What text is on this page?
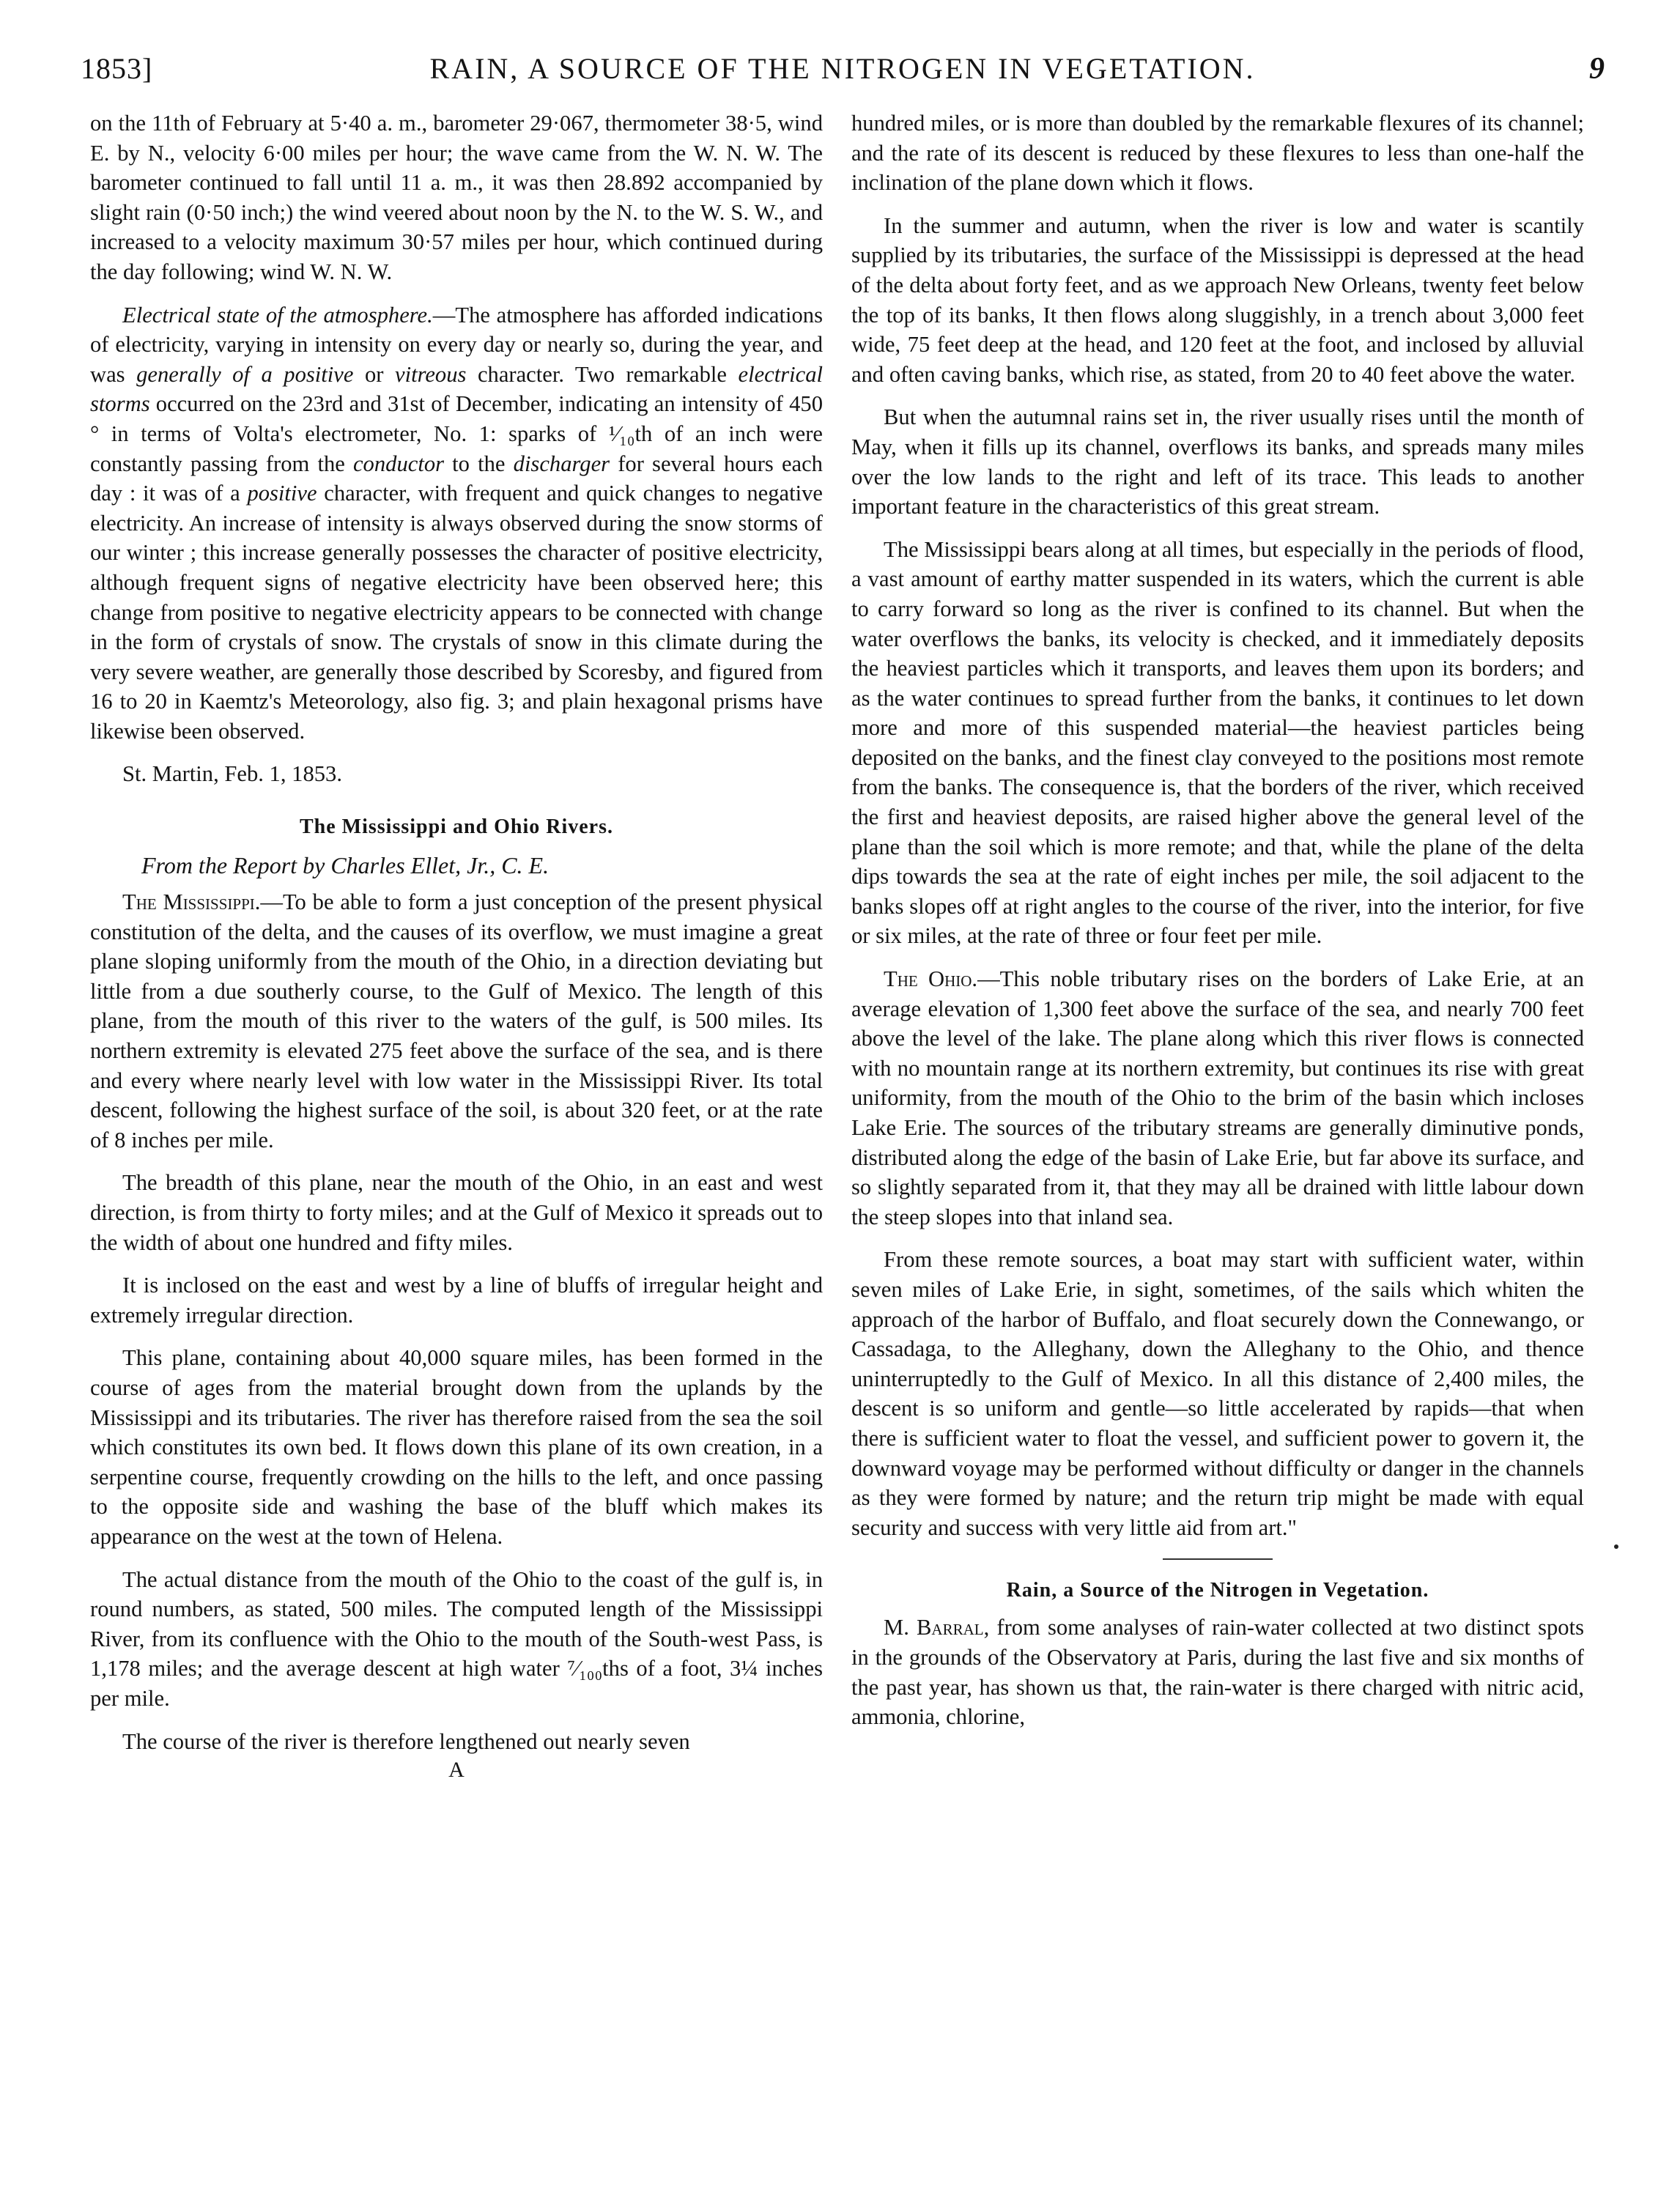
1853]	RAIN, A SOURCE OF THE NITROGEN IN VEGETATION.	9

on the 11th of February at 5·40 a. m., barometer 29·067, thermometer 38·5, wind E. by N., velocity 6·00 miles per hour; the wave came from the W. N. W. The barometer continued to fall until 11 a. m., it was then 28.892 accompanied by slight rain (0·50 inch;) the wind veered about noon by the N. to the W. S. W., and increased to a velocity maximum 30·57 miles per hour, which continued during the day following; wind W. N. W.

Electrical state of the atmosphere.—The atmosphere has afforded indications of electricity, varying in intensity on every day or nearly so, during the year, and was generally of a positive or vitreous character. Two remarkable electrical storms occurred on the 23rd and 31st of December, indicating an intensity of 450 ° in terms of Volta's electrometer, No. 1: sparks of ¹⁄₁₀th of an inch were constantly passing from the conductor to the discharger for several hours each day : it was of a positive character, with frequent and quick changes to negative electricity. An increase of intensity is always observed during the snow storms of our winter ; this increase generally possesses the character of positive electricity, although frequent signs of negative electricity have been observed here; this change from positive to negative electricity appears to be connected with change in the form of crystals of snow. The crystals of snow in this climate during the very severe weather, are generally those described by Scoresby, and figured from 16 to 20 in Kaemtz's Meteorology, also fig. 3; and plain hexagonal prisms have likewise been observed.

St. Martin, Feb. 1, 1853.

The Mississippi and Ohio Rivers.
From the Report by Charles Ellet, Jr., C. E.

The Mississippi.—To be able to form a just conception of the present physical constitution of the delta, and the causes of its overflow, we must imagine a great plane sloping uniformly from the mouth of the Ohio, in a direction deviating but little from a due southerly course, to the Gulf of Mexico. The length of this plane, from the mouth of this river to the waters of the gulf, is 500 miles. Its northern extremity is elevated 275 feet above the surface of the sea, and is there and every where nearly level with low water in the Mississippi River. Its total descent, following the highest surface of the soil, is about 320 feet, or at the rate of 8 inches per mile.

The breadth of this plane, near the mouth of the Ohio, in an east and west direction, is from thirty to forty miles; and at the Gulf of Mexico it spreads out to the width of about one hundred and fifty miles.

It is inclosed on the east and west by a line of bluffs of irregular height and extremely irregular direction.

This plane, containing about 40,000 square miles, has been formed in the course of ages from the material brought down from the uplands by the Mississippi and its tributaries. The river has therefore raised from the sea the soil which constitutes its own bed. It flows down this plane of its own creation, in a serpentine course, frequently crowding on the hills to the left, and once passing to the opposite side and washing the base of the bluff which makes its appearance on the west at the town of Helena.

The actual distance from the mouth of the Ohio to the coast of the gulf is, in round numbers, as stated, 500 miles. The computed length of the Mississippi River, from its confluence with the Ohio to the mouth of the South-west Pass, is 1,178 miles; and the average descent at high water ⁷⁄₁₀₀ths of a foot, 3¼ inches per mile.

The course of the river is therefore lengthened out nearly seven

A

hundred miles, or is more than doubled by the remarkable flexures of its channel; and the rate of its descent is reduced by these flexures to less than one-half the inclination of the plane down which it flows.

In the summer and autumn, when the river is low and water is scantily supplied by its tributaries, the surface of the Mississippi is depressed at the head of the delta about forty feet, and as we approach New Orleans, twenty feet below the top of its banks, It then flows along sluggishly, in a trench about 3,000 feet wide, 75 feet deep at the head, and 120 feet at the foot, and inclosed by alluvial and often caving banks, which rise, as stated, from 20 to 40 feet above the water.

But when the autumnal rains set in, the river usually rises until the month of May, when it fills up its channel, overflows its banks, and spreads many miles over the low lands to the right and left of its trace. This leads to another important feature in the characteristics of this great stream.

The Mississippi bears along at all times, but especially in the periods of flood, a vast amount of earthy matter suspended in its waters, which the current is able to carry forward so long as the river is confined to its channel. But when the water overflows the banks, its velocity is checked, and it immediately deposits the heaviest particles which it transports, and leaves them upon its borders; and as the water continues to spread further from the banks, it continues to let down more and more of this suspended material—the heaviest particles being deposited on the banks, and the finest clay conveyed to the positions most remote from the banks. The consequence is, that the borders of the river, which received the first and heaviest deposits, are raised higher above the general level of the plane than the soil which is more remote; and that, while the plane of the delta dips towards the sea at the rate of eight inches per mile, the soil adjacent to the banks slopes off at right angles to the course of the river, into the interior, for five or six miles, at the rate of three or four feet per mile.

The Ohio.—This noble tributary rises on the borders of Lake Erie, at an average elevation of 1,300 feet above the surface of the sea, and nearly 700 feet above the level of the lake. The plane along which this river flows is connected with no mountain range at its northern extremity, but continues its rise with great uniformity, from the mouth of the Ohio to the brim of the basin which incloses Lake Erie. The sources of the tributary streams are generally diminutive ponds, distributed along the edge of the basin of Lake Erie, but far above its surface, and so slightly separated from it, that they may all be drained with little labour down the steep slopes into that inland sea.

From these remote sources, a boat may start with sufficient water, within seven miles of Lake Erie, in sight, sometimes, of the sails which whiten the approach of the harbor of Buffalo, and float securely down the Connewango, or Cassadaga, to the Alleghany, down the Alleghany to the Ohio, and thence uninterruptedly to the Gulf of Mexico. In all this distance of 2,400 miles, the descent is so uniform and gentle—so little accelerated by rapids—that when there is sufficient water to float the vessel, and sufficient power to govern it, the downward voyage may be performed without difficulty or danger in the channels as they were formed by nature; and the return trip might be made with equal security and success with very little aid from art."

Rain, a Source of the Nitrogen in Vegetation.

M. Barral, from some analyses of rain-water collected at two distinct spots in the grounds of the Observatory at Paris, during the last five and six months of the past year, has shown us that, the rain-water is there charged with nitric acid, ammonia, chlorine,
